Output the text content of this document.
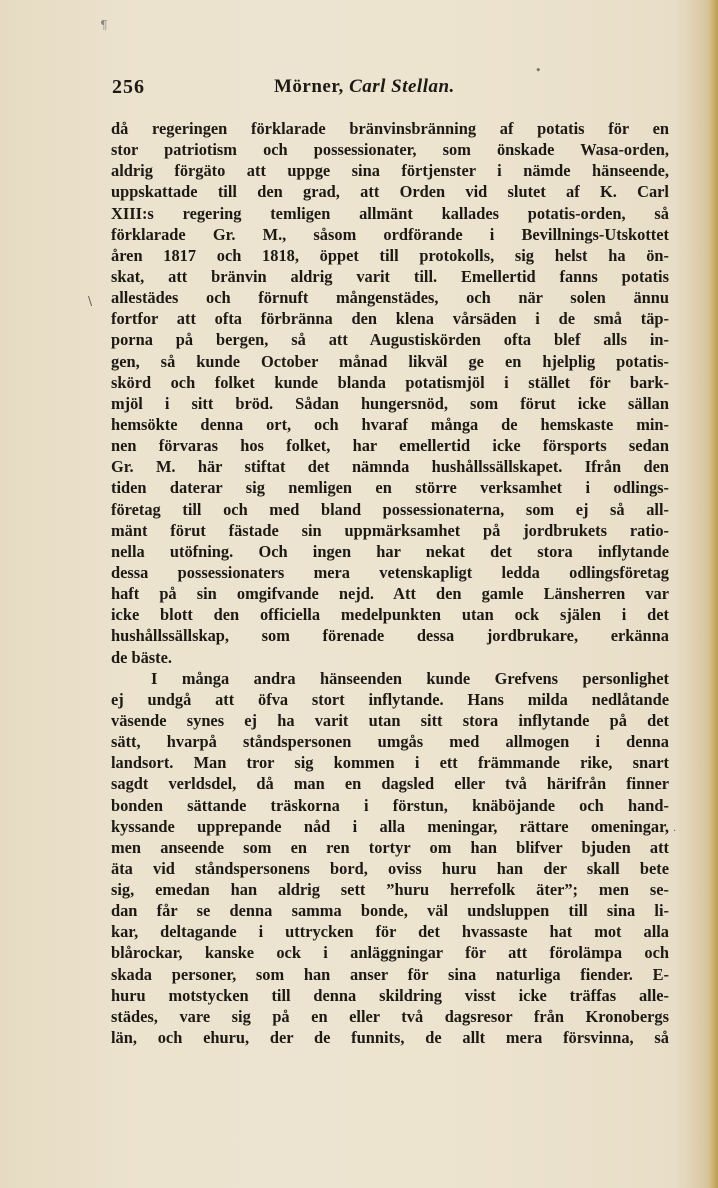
¶
•
\
·
256	Mörner, Carl Stellan.
då regeringen förklarade bränvinsbränning af potatis för en
stor patriotism och possessionater, som önskade Wasa-orden,
aldrig förgäto att uppge sina förtjenster i nämde hänseende,
uppskattade till den grad, att Orden vid slutet af K. Carl
XIII:s regering temligen allmänt kallades potatis-orden, så
förklarade Gr. M., såsom ordförande i Bevillnings-Utskottet
åren 1817 och 1818, öppet till protokolls, sig helst ha ön-
skat, att bränvin aldrig varit till. Emellertid fanns potatis
allestädes och förnuft mångenstädes, och när solen ännu
fortfor att ofta förbränna den klena vårsäden i de små täp-
porna på bergen, så att Augustiskörden ofta blef alls in-
gen, så kunde October månad likväl ge en hjelplig potatis-
skörd och folket kunde blanda potatismjöl i stället för bark-
mjöl i sitt bröd. Sådan hungersnöd, som förut icke sällan
hemsökte denna ort, och hvaraf många de hemskaste min-
nen förvaras hos folket, har emellertid icke försports sedan
Gr. M. här stiftat det nämnda hushållssällskapet. Ifrån den
tiden daterar sig nemligen en större verksamhet i odlings-
företag till och med bland possessionaterna, som ej så all-
mänt förut fästade sin uppmärksamhet på jordbrukets ratio-
nella utöfning. Och ingen har nekat det stora inflytande
dessa possessionaters mera vetenskapligt ledda odlingsföretag
haft på sin omgifvande nejd. Att den gamle Länsherren var
icke blott den officiella medelpunkten utan ock själen i det
hushållssällskap, som förenade dessa jordbrukare, erkänna
de bäste.
I många andra hänseenden kunde Grefvens personlighet
ej undgå att öfva stort inflytande. Hans milda nedlåtande
väsende synes ej ha varit utan sitt stora inflytande på det
sätt, hvarpå ståndspersonen umgås med allmogen i denna
landsort. Man tror sig kommen i ett främmande rike, snart
sagdt verldsdel, då man en dagsled eller två härifrån finner
bonden sättande träskorna i förstun, knäböjande och hand-
kyssande upprepande nåd i alla meningar, rättare omeningar,
men anseende som en ren tortyr om han blifver bjuden att
äta vid ståndspersonens bord, oviss huru han der skall bete
sig, emedan han aldrig sett ”huru herrefolk äter”; men se-
dan får se denna samma bonde, väl undsluppen till sina li-
kar, deltagande i uttrycken för det hvassaste hat mot alla
blårockar, kanske ock i anläggningar för att förolämpa och
skada personer, som han anser för sina naturliga fiender. E-
huru motstycken till denna skildring visst icke träffas alle-
städes, vare sig på en eller två dagsresor från Kronobergs
län, och ehuru, der de funnits, de allt mera försvinna, så
